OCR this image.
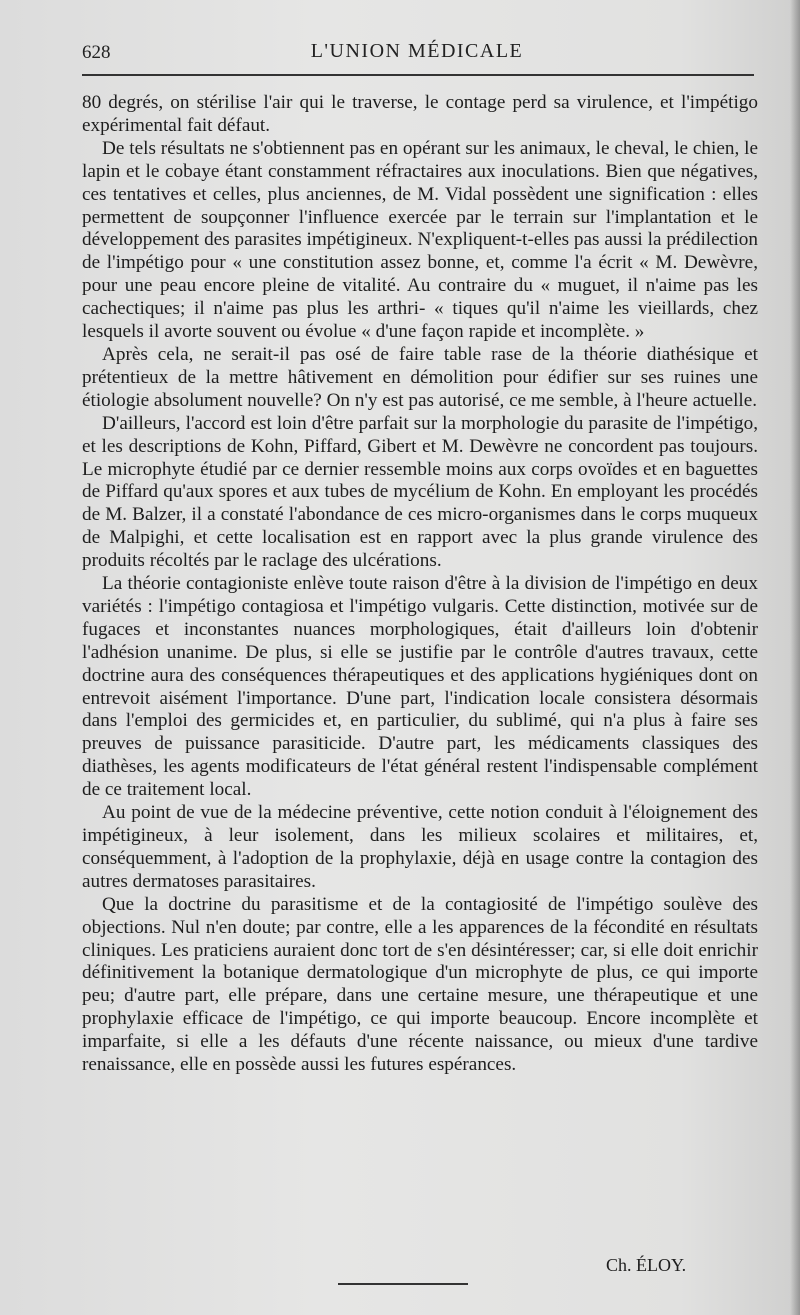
628	L'UNION MÉDICALE

80 degrés, on stérilise l'air qui le traverse, le contage perd sa virulence, et l'impétigo expérimental fait défaut.

De tels résultats ne s'obtiennent pas en opérant sur les animaux, le cheval, le chien, le lapin et le cobaye étant constamment réfractaires aux inoculations. Bien que négatives, ces tentatives et celles, plus anciennes, de M. Vidal possèdent une signification : elles permettent de soupçonner l'influence exercée par le terrain sur l'implantation et le développement des parasites impétigineux. N'expliquent-t-elles pas aussi la prédilection de l'impétigo pour « une constitution assez bonne, et, comme l'a écrit « M. Dewèvre, pour une peau encore pleine de vitalité. Au contraire du « muguet, il n'aime pas les cachectiques; il n'aime pas plus les arthri- « tiques qu'il n'aime les vieillards, chez lesquels il avorte souvent ou évolue « d'une façon rapide et incomplète. »

Après cela, ne serait-il pas osé de faire table rase de la théorie diathésique et prétentieux de la mettre hâtivement en démolition pour édifier sur ses ruines une étiologie absolument nouvelle? On n'y est pas autorisé, ce me semble, à l'heure actuelle.

D'ailleurs, l'accord est loin d'être parfait sur la morphologie du parasite de l'impétigo, et les descriptions de Kohn, Piffard, Gibert et M. Dewèvre ne concordent pas toujours. Le microphyte étudié par ce dernier ressemble moins aux corps ovoïdes et en baguettes de Piffard qu'aux spores et aux tubes de mycélium de Kohn. En employant les procédés de M. Balzer, il a constaté l'abondance de ces micro-organismes dans le corps muqueux de Malpighi, et cette localisation est en rapport avec la plus grande virulence des produits récoltés par le raclage des ulcérations.

La théorie contagioniste enlève toute raison d'être à la division de l'impétigo en deux variétés : l'impétigo contagiosa et l'impétigo vulgaris. Cette distinction, motivée sur de fugaces et inconstantes nuances morphologiques, était d'ailleurs loin d'obtenir l'adhésion unanime. De plus, si elle se justifie par le contrôle d'autres travaux, cette doctrine aura des conséquences thérapeutiques et des applications hygiéniques dont on entrevoit aisément l'importance. D'une part, l'indication locale consistera désormais dans l'emploi des germicides et, en particulier, du sublimé, qui n'a plus à faire ses preuves de puissance parasiticide. D'autre part, les médicaments classiques des diathèses, les agents modificateurs de l'état général restent l'indispensable complément de ce traitement local.

Au point de vue de la médecine préventive, cette notion conduit à l'éloignement des impétigineux, à leur isolement, dans les milieux scolaires et militaires, et, conséquemment, à l'adoption de la prophylaxie, déjà en usage contre la contagion des autres dermatoses parasitaires.

Que la doctrine du parasitisme et de la contagiosité de l'impétigo soulève des objections. Nul n'en doute; par contre, elle a les apparences de la fécondité en résultats cliniques. Les praticiens auraient donc tort de s'en désintéresser; car, si elle doit enrichir définitivement la botanique dermatologique d'un microphyte de plus, ce qui importe peu; d'autre part, elle prépare, dans une certaine mesure, une thérapeutique et une prophylaxie efficace de l'impétigo, ce qui importe beaucoup. Encore incomplète et imparfaite, si elle a les défauts d'une récente naissance, ou mieux d'une tardive renaissance, elle en possède aussi les futures espérances.

Ch. ÉLOY.
